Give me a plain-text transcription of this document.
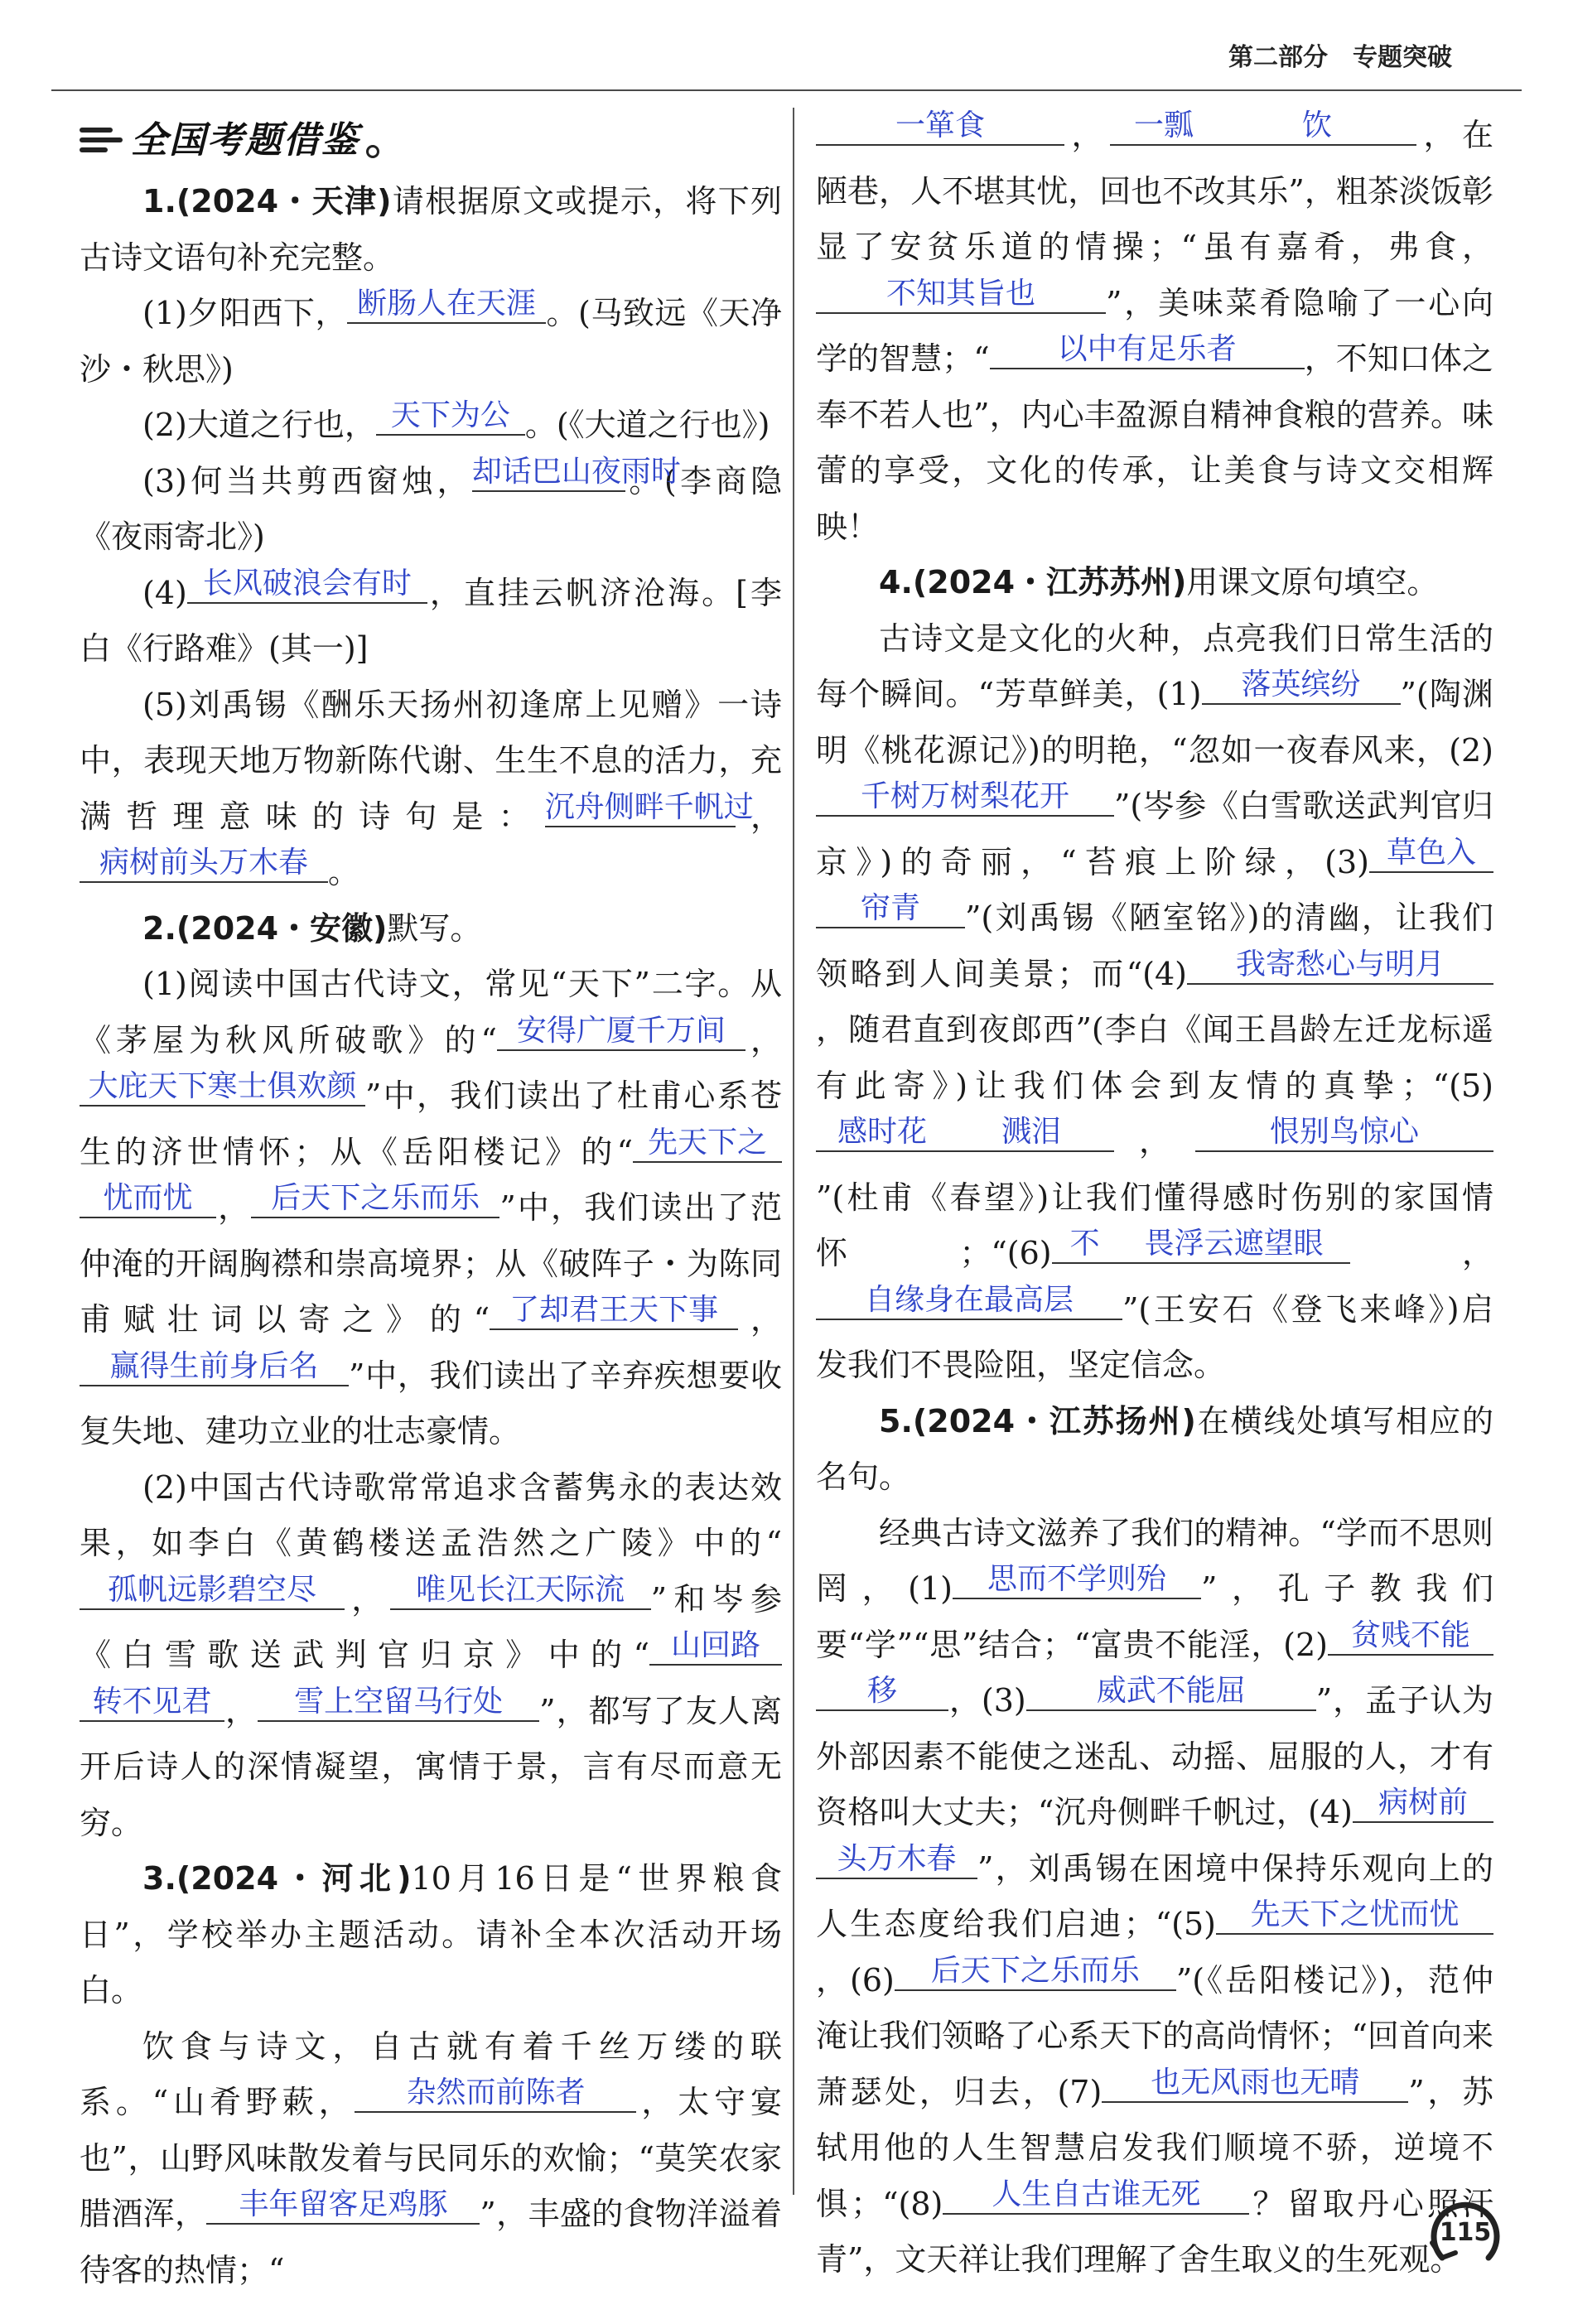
第二部分　专题突破
全国考题借鉴

1.(2024・天津)请根据原文或提示，将下列古诗文语句补充完整。

(1)夕阳西下， 断肠人在天涯 。(马致远《天净沙・秋思》)

(2)大道之行也， 天下为公 。(《大道之行也》)

(3)何当共剪西窗烛， 却话巴山夜雨时
。(李商隐《夜雨寄北》)

(4) 长风破浪会有时 ，直挂云帆济沧海。[李白《行路难》(其一)]

(5)刘禹锡《酬乐天扬州初逢席上见赠》一诗中，表现天地万物新陈代谢、生生不息的活力，充满哲理意味的诗句是： 沉舟侧畔千帆过
，
病树前头万木春 。

2.(2024・安徽)默写。

(1)阅读中国古代诗文，常见“天下”二字。从《茅屋为秋风所破歌》的“ 安得广厦千万间 ，
大庇天下寒士俱欢颜 ”中，我们读出了杜甫心系苍生的济世情怀；从《岳阳楼记》的“ 先天下之
忧而忧 ， 后天下之乐而乐 ”中，我们读出了范仲淹的开阔胸襟和崇高境界；从《破阵子・为陈同甫赋壮词以寄之》的“ 了却君王天下事 ，
赢得生前身后名 ”中，我们读出了辛弃疾想要收复失地、建功立业的壮志豪情。

(2)中国古代诗歌常常追求含蓄隽永的表达效果，如李白《黄鹤楼送孟浩然之广陵》中的“
孤帆远影碧空尽 ， 唯见长江天际流 ”和岑参《白雪歌送武判官归京》中的“ 山回路
转不见君 ，	雪上空留马行处	”，都写了友人离开后诗人的深情凝望，寓情于景，言有尽而意无穷。

3.(2024・河北)10月16日是“世界粮食日”，学校举办主题活动。请补全本次活动开场白。

饮食与诗文，自古就有着千丝万缕的联系。“山肴野蔌，	杂然而前陈者	，太守宴也”，山野风味散发着与民同乐的欢愉；“莫笑农家腊酒浑，	丰年留客足鸡豚	”，丰盛的食物洋溢着待客的热情；“

一箪食	， 一瓢	饮	，在陋巷，人不堪其忧，回也不改其乐”，粗茶淡饭彰显了安贫乐道的情操；“虽有嘉肴，弗食，
不知其旨也	”，美味菜肴隐喻了一心向学的智慧；“	以中有足乐者	，不知口体之奉不若人也”，内心丰盈源自精神食粮的营养。味蕾的享受，文化的传承，让美食与诗文交相辉映！

4.(2024・江苏苏州)用课文原句填空。

古诗文是文化的火种，点亮我们日常生活的每个瞬间。“芳草鲜美，(1)	落英缤纷	”(陶渊明《桃花源记》)的明艳，“忽如一夜春风来，(2)
千树万树梨花开	”(岑参《白雪歌送武判官归京》)的奇丽，“苔痕上阶绿，(3) 草色入
帘青	”(刘禹锡《陋室铭》)的清幽，让我们领略到人间美景；而“(4)	我寄愁心与明月
，随君直到夜郎西”(李白《闻王昌龄左迁龙标遥有此寄》)让我们体会到友情的真挚；“(5)
感时花	溅泪	，	恨别鸟惊心
”(杜甫《春望》)让我们懂得感时伤别的家国情怀；“(6) 不	畏浮云遮望眼 ，
自缘身在最高层	”(王安石《登飞来峰》)启发我们不畏险阻，坚定信念。

5.(2024・江苏扬州)在横线处填写相应的名句。

经典古诗文滋养了我们的精神。“学而不思则罔，(1)	思而不学则殆	”，孔子教我们要“学”“思”结合；“富贵不能淫，(2) 贫贱不能
移	，(3)	威武不能屈	”，孟子认为外部因素不能使之迷乱、动摇、屈服的人，才有资格叫大丈夫；“沉舟侧畔千帆过，(4) 病树前
头万木春 ”，刘禹锡在困境中保持乐观向上的人生态度给我们启迪；“(5)	先天下之忧而忧
，(6)	后天下之乐而乐	”(《岳阳楼记》)，范仲淹让我们领略了心系天下的高尚情怀；“回首向来萧瑟处，归去，(7)	也无风雨也无晴	”，苏轼用他的人生智慧启发我们顺境不骄，逆境不惧；“(8)	人生自古谁无死	？留取丹心照汗青”，文天祥让我们理解了舍生取义的生死观。

115
